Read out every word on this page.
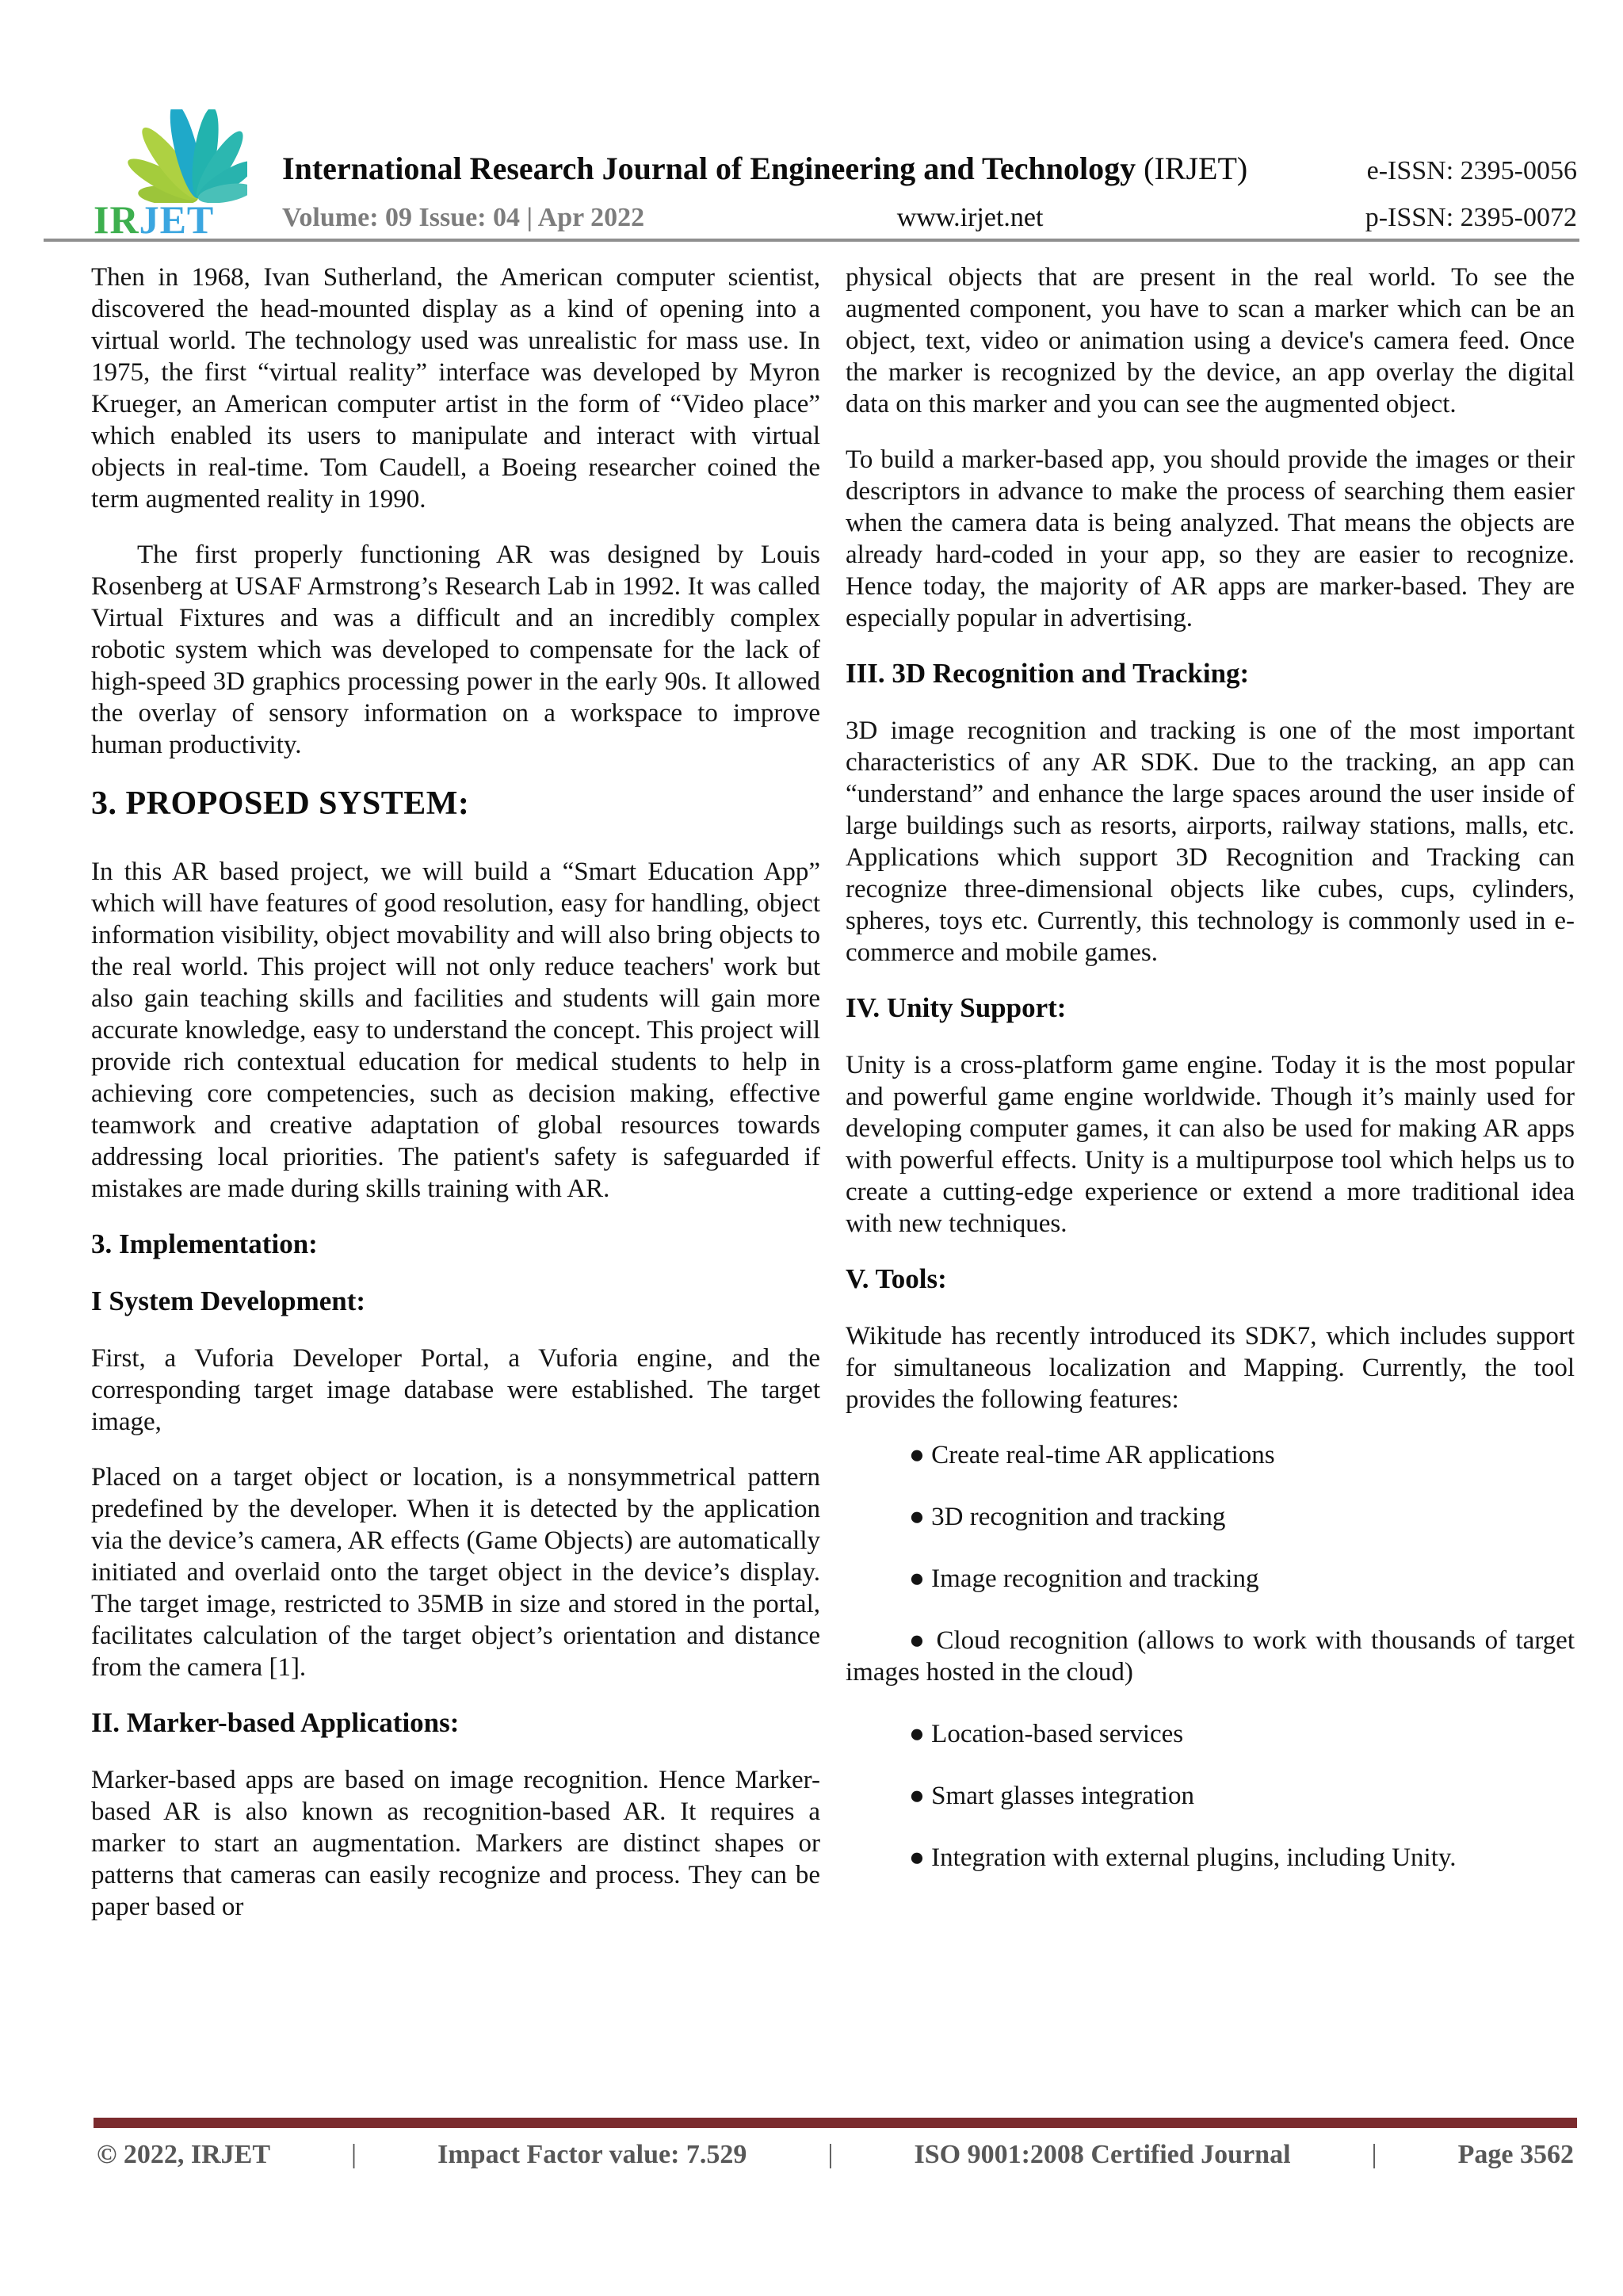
IRJET
International Research Journal of Engineering and Technology (IRJET)	e-ISSN: 2395-0056
Volume: 09 Issue: 04 | Apr 2022	www.irjet.net	p-ISSN: 2395-0072

Then in 1968, Ivan Sutherland, the American computer scientist, discovered the head-mounted display as a kind of opening into a virtual world. The technology used was unrealistic for mass use. In 1975, the first “virtual reality” interface was developed by Myron Krueger, an American computer artist in the form of “Video place” which enabled its users to manipulate and interact with virtual objects in real-time. Tom Caudell, a Boeing researcher coined the term augmented reality in 1990.

The first properly functioning AR was designed by Louis Rosenberg at USAF Armstrong’s Research Lab in 1992. It was called Virtual Fixtures and was a difficult and an incredibly complex robotic system which was developed to compensate for the lack of high-speed 3D graphics processing power in the early 90s. It allowed the overlay of sensory information on a workspace to improve human productivity.

3. PROPOSED SYSTEM:

In this AR based project, we will build a “Smart Education App” which will have features of good resolution, easy for handling, object information visibility, object movability and will also bring objects to the real world. This project will not only reduce teachers' work but also gain teaching skills and facilities and students will gain more accurate knowledge, easy to understand the concept. This project will provide rich contextual education for medical students to help in achieving core competencies, such as decision making, effective teamwork and creative adaptation of global resources towards addressing local priorities. The patient's safety is safeguarded if mistakes are made during skills training with AR.

3. Implementation:
I System Development:

First, a Vuforia Developer Portal, a Vuforia engine, and the corresponding target image database were established. The target image,

Placed on a target object or location, is a nonsymmetrical pattern predefined by the developer. When it is detected by the application via the device’s camera, AR effects (Game Objects) are automatically initiated and overlaid onto the target object in the device’s display. The target image, restricted to 35MB in size and stored in the portal, facilitates calculation of the target object’s orientation and distance from the camera [1].

II. Marker-based Applications:

Marker-based apps are based on image recognition. Hence Marker-based AR is also known as recognition-based AR. It requires a marker to start an augmentation. Markers are distinct shapes or patterns that cameras can easily recognize and process. They can be paper based or

physical objects that are present in the real world. To see the augmented component, you have to scan a marker which can be an object, text, video or animation using a device's camera feed. Once the marker is recognized by the device, an app overlay the digital data on this marker and you can see the augmented object.

To build a marker-based app, you should provide the images or their descriptors in advance to make the process of searching them easier when the camera data is being analyzed. That means the objects are already hard-coded in your app, so they are easier to recognize. Hence today, the majority of AR apps are marker-based. They are especially popular in advertising.

III. 3D Recognition and Tracking:

3D image recognition and tracking is one of the most important characteristics of any AR SDK. Due to the tracking, an app can “understand” and enhance the large spaces around the user inside of large buildings such as resorts, airports, railway stations, malls, etc. Applications which support 3D Recognition and Tracking can recognize three-dimensional objects like cubes, cups, cylinders, spheres, toys etc. Currently, this technology is commonly used in e-commerce and mobile games.

IV. Unity Support:

Unity is a cross-platform game engine. Today it is the most popular and powerful game engine worldwide. Though it’s mainly used for developing computer games, it can also be used for making AR apps with powerful effects. Unity is a multipurpose tool which helps us to create a cutting-edge experience or extend a more traditional idea with new techniques.

V. Tools:

Wikitude has recently introduced its SDK7, which includes support for simultaneous localization and Mapping. Currently, the tool provides the following features:

● Create real-time AR applications

● 3D recognition and tracking

● Image recognition and tracking

● Cloud recognition (allows to work with thousands of target images hosted in the cloud)

● Location-based services

● Smart glasses integration

● Integration with external plugins, including Unity.

© 2022, IRJET	|	Impact Factor value: 7.529	|	ISO 9001:2008 Certified Journal	|	Page 3562
